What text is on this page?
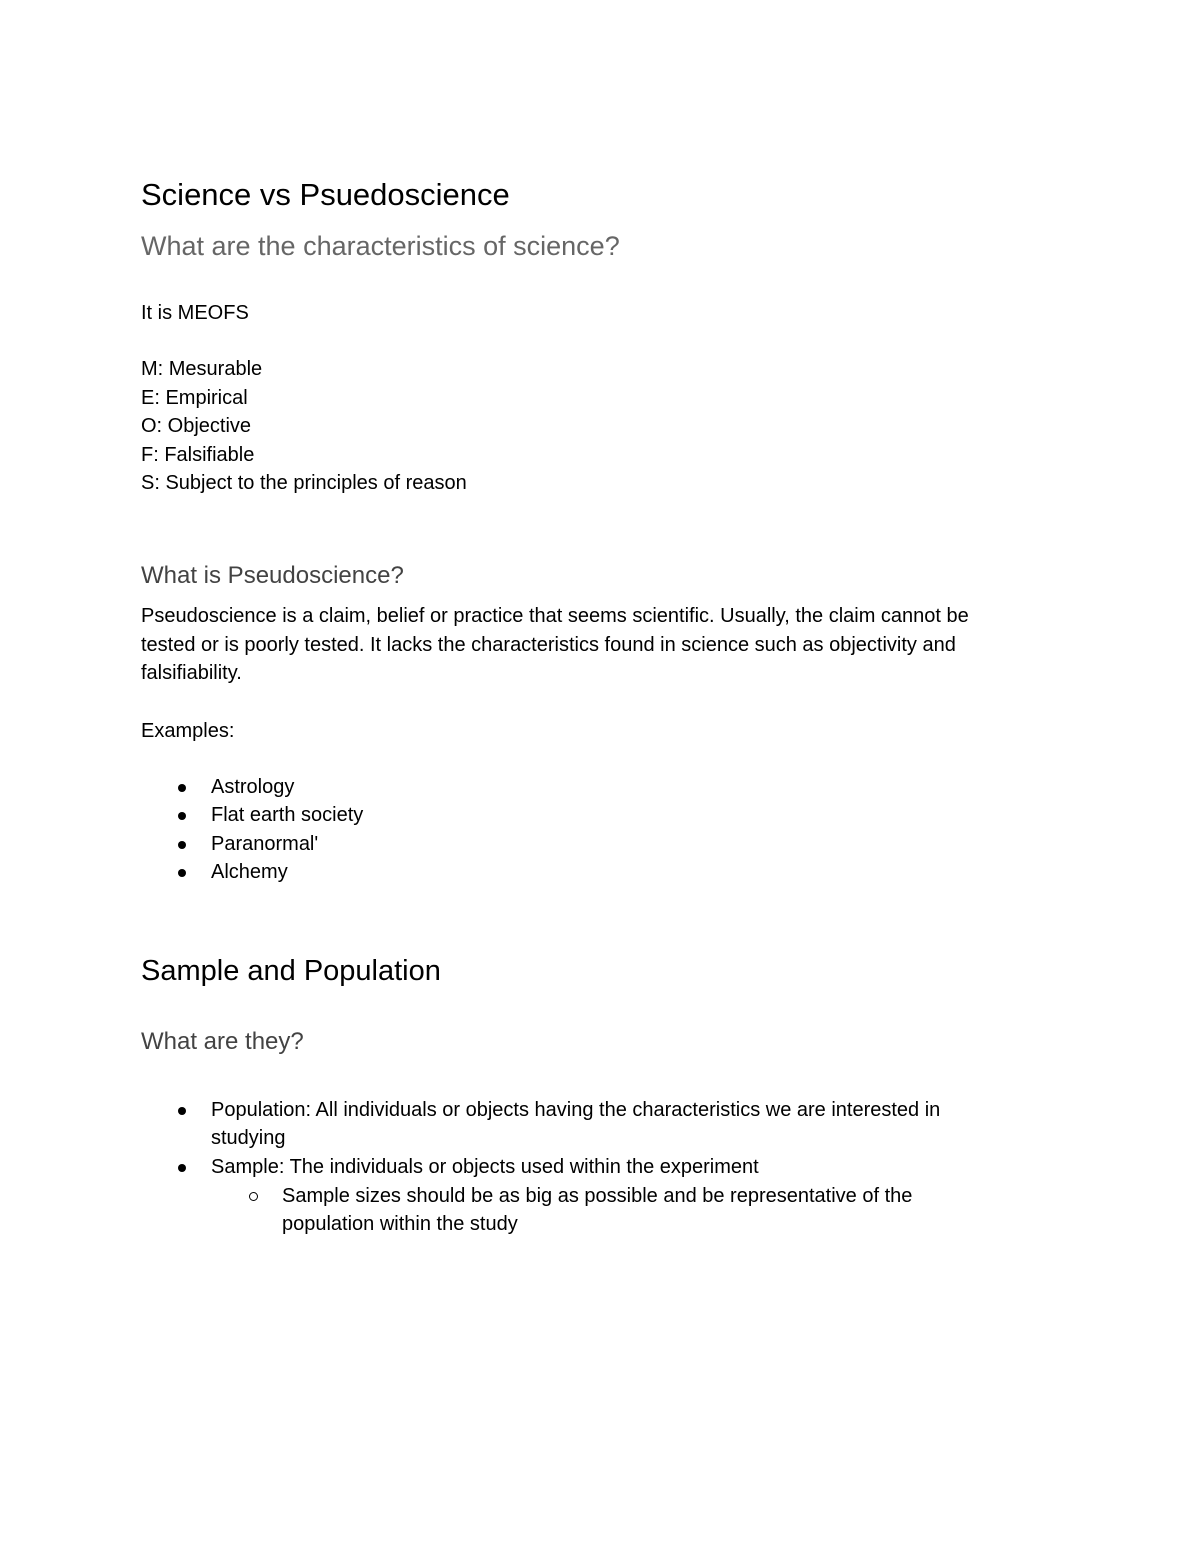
Science vs Psuedoscience
What are the characteristics of science?

It is MEOFS

M: Mesurable

E: Empirical

O: Objective

F: Falsifiable

S: Subject to the principles of reason

What is Pseudoscience?

Pseudoscience is a claim, belief or practice that seems scientific. Usually, the claim cannot be

tested or is poorly tested. It lacks the characteristics found in science such as objectivity and

falsifiability.

Examples:

Astrology
Flat earth society
Paranormal'
Alchemy
Sample and Population
What are they?
Population: All individuals or objects having the characteristics we are interested in
studying
Sample: The individuals or objects used within the experiment
Sample sizes should be as big as possible and be representative of the
population within the study
